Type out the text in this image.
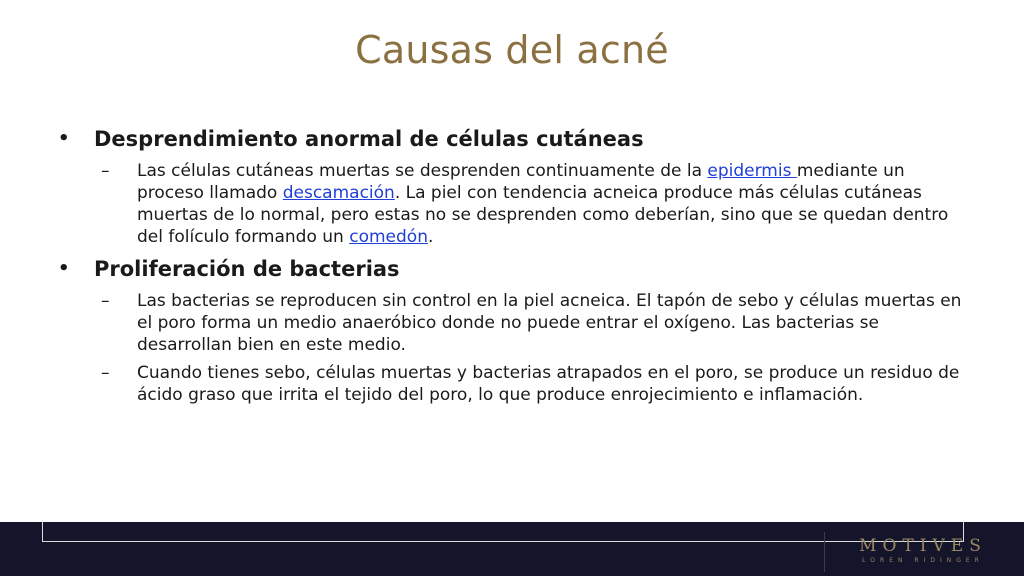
Causas del acné
• Desprendimiento anormal de células cutáneas
– Las células cutáneas muertas se desprenden continuamente de la epidermis mediante un proceso llamado descamación. La piel con tendencia acneica produce más células cutáneas muertas de lo normal, pero estas no se desprenden como deberían, sino que se quedan dentro del folículo formando un comedón.
• Proliferación de bacterias
– Las bacterias se reproducen sin control en la piel acneica. El tapón de sebo y células muertas en el poro forma un medio anaeróbico donde no puede entrar el oxígeno. Las bacterias se desarrollan bien en este medio.
– Cuando tienes sebo, células muertas y bacterias atrapados en el poro, se produce un residuo de ácido graso que irrita el tejido del poro, lo que produce enrojecimiento e inflamación.
MOTIVES
LOREN RIDINGER
